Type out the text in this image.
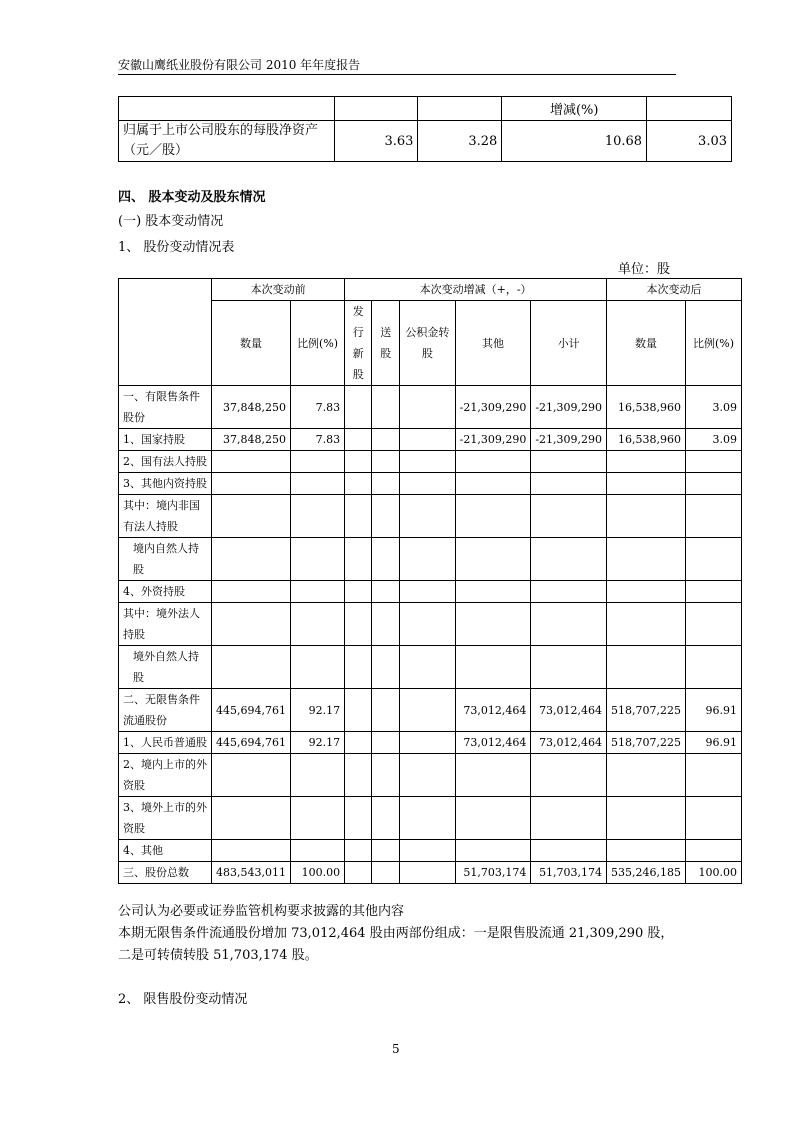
安徽山鹰纸业股份有限公司 2010 年年度报告
			增减(%)	
归属于上市公司股东的每股净资产（元／股）	3.63	3.28	10.68	3.03
四、 股本变动及股东情况
(一) 股本变动情况
1、 股份变动情况表
单位：股
	本次变动前		本次变动增减（+，-）					本次变动后	
	数量	比例(%)	发行新股	送股	公积金转股	其他	小计	数量	比例(%)
一、有限售条件股份	37,848,250	7.83				-21,309,290	-21,309,290	16,538,960	3.09
1、国家持股	37,848,250	7.83				-21,309,290	-21,309,290	16,538,960	3.09
2、国有法人持股									
3、其他内资持股									
其中：境内非国有法人持股									
境内自然人持股									
4、外资持股									
其中：境外法人持股									
境外自然人持股									
二、无限售条件流通股份	445,694,761	92.17				73,012,464	73,012,464	518,707,225	96.91
1、人民币普通股	445,694,761	92.17				73,012,464	73,012,464	518,707,225	96.91
2、境内上市的外资股									
3、境外上市的外资股									
4、其他									
三、股份总数	483,543,011	100.00				51,703,174	51,703,174	535,246,185	100.00
公司认为必要或证券监管机构要求披露的其他内容
本期无限售条件流通股份增加 73,012,464 股由两部份组成：一是限售股流通 21,309,290 股，
二是可转债转股 51,703,174 股。
2、 限售股份变动情况
5
